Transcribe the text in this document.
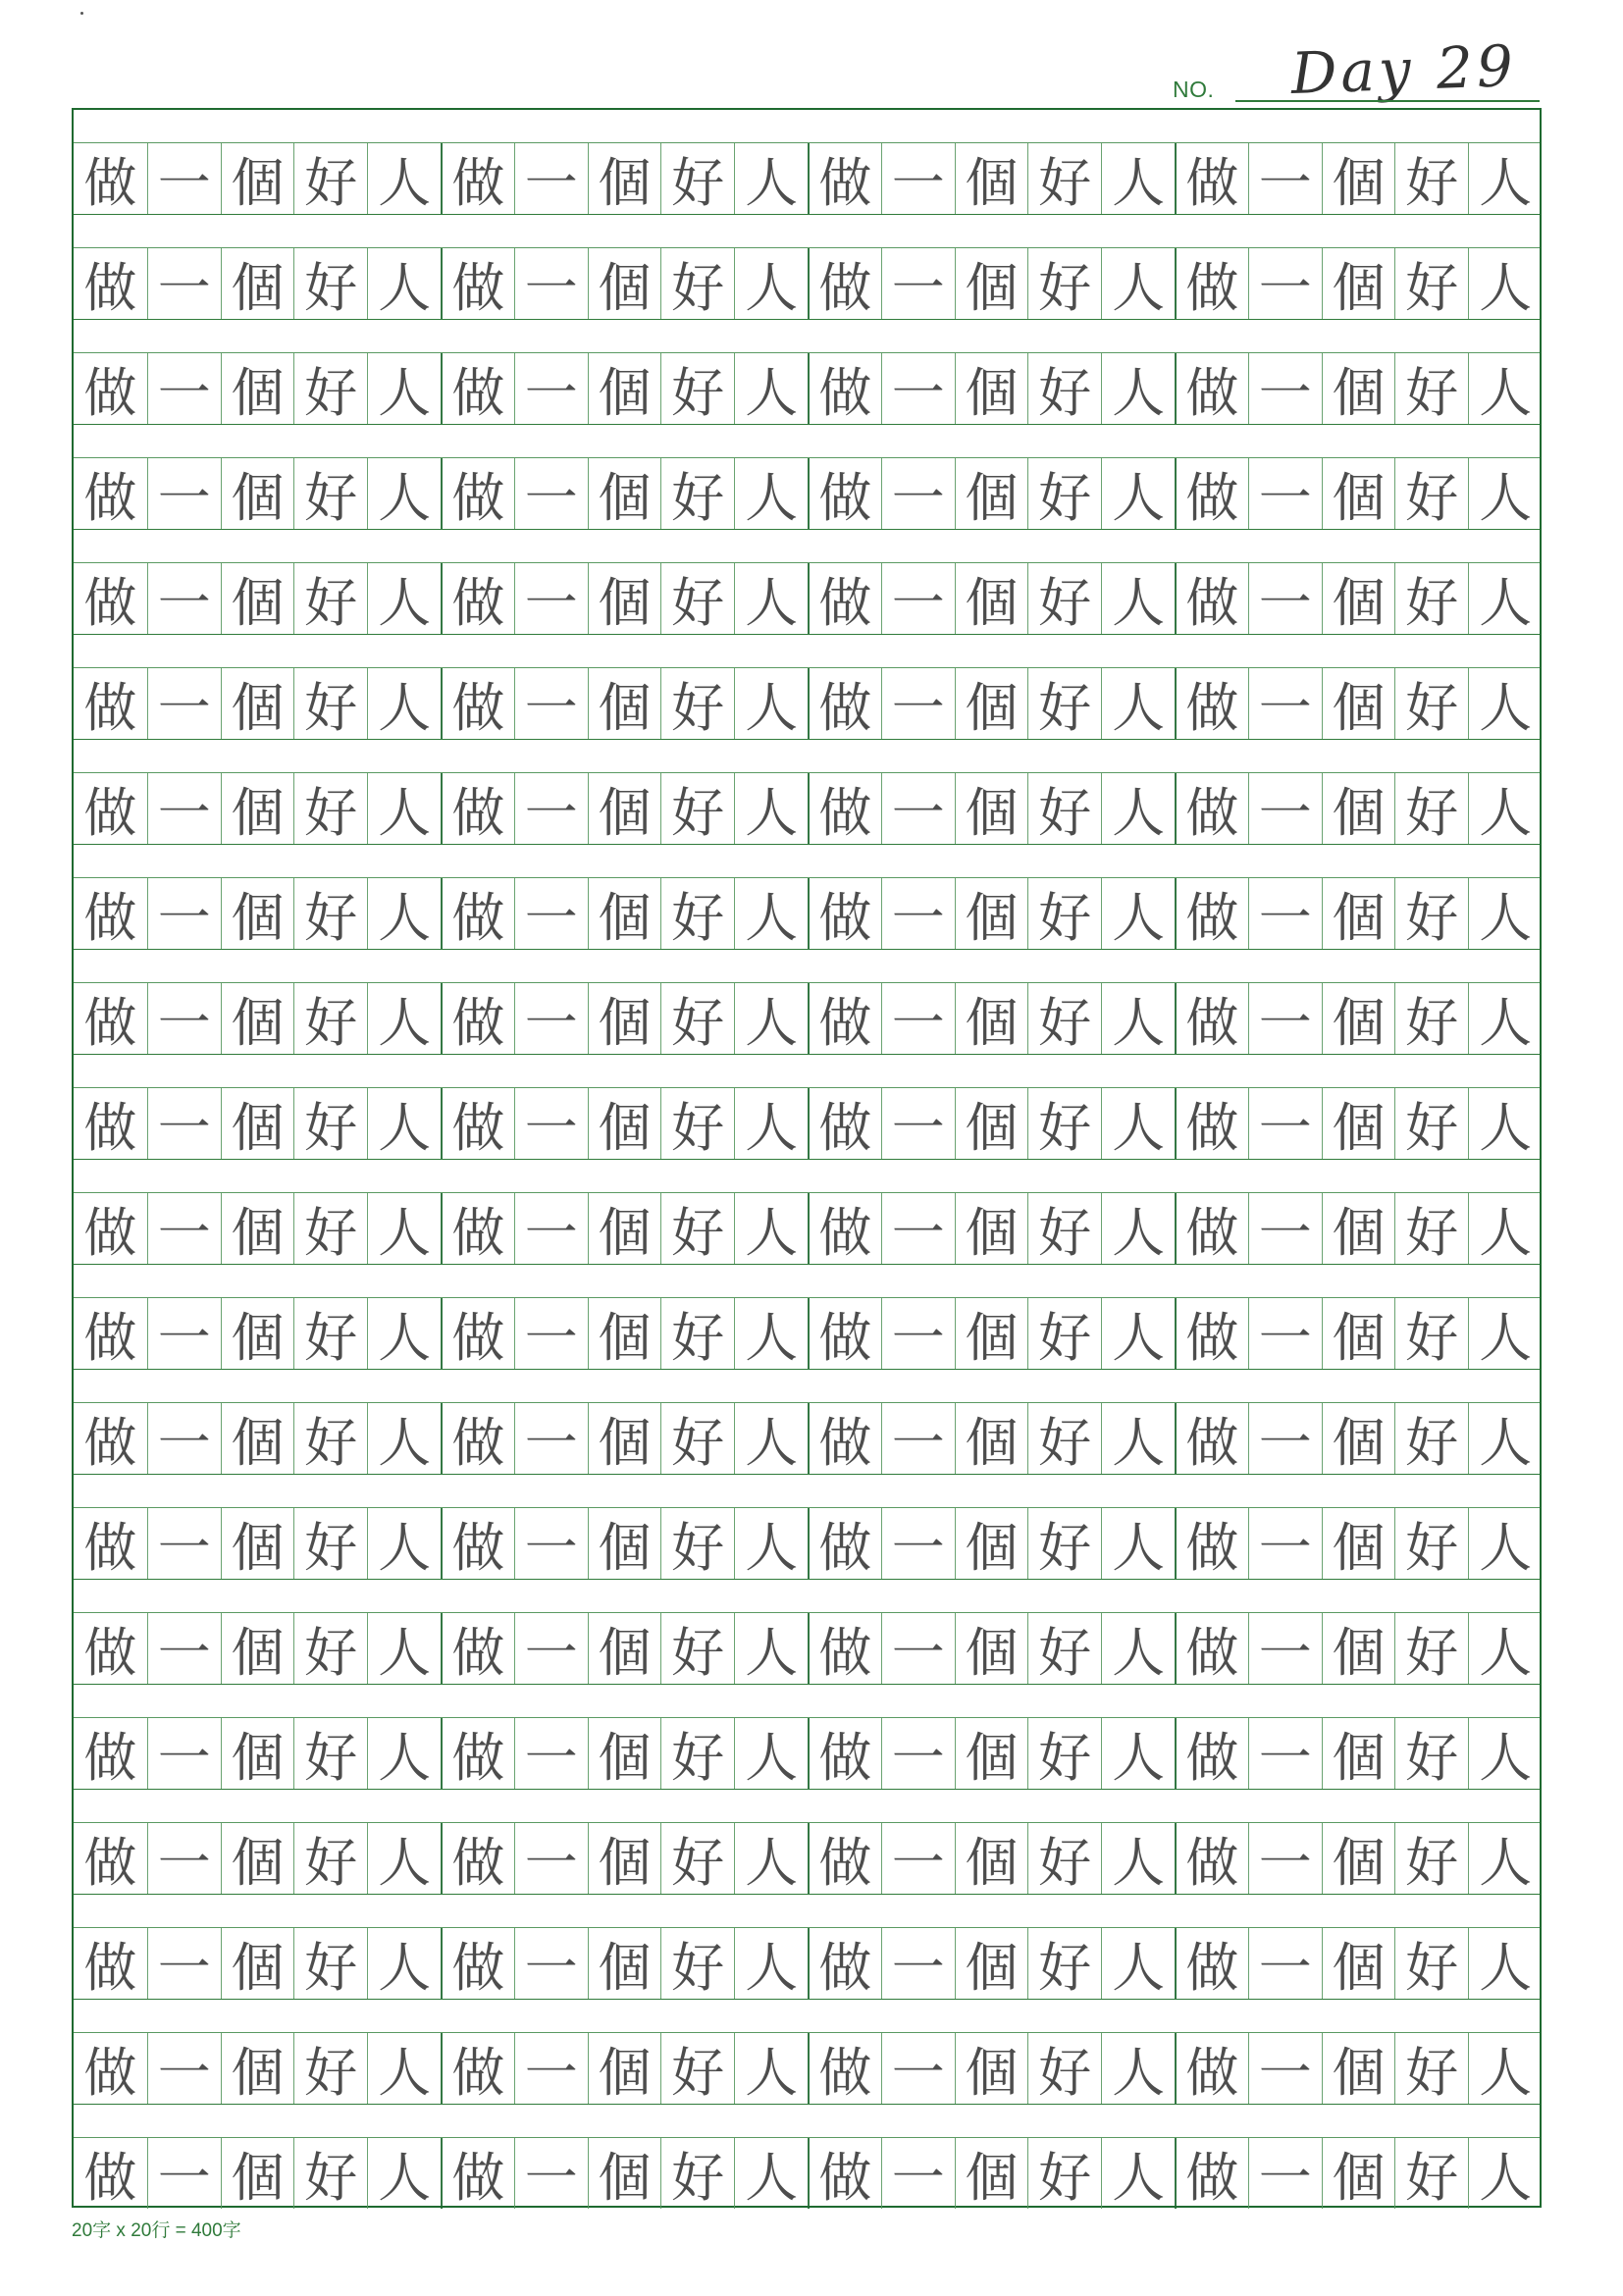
Day 29
NO.
做 一 個 好 人 做 一 個 好 人 做 一 個 好 人 做 一 個 好 人
做 一 個 好 人 做 一 個 好 人 做 一 個 好 人 做 一 個 好 人
做 一 個 好 人 做 一 個 好 人 做 一 個 好 人 做 一 個 好 人
做 一 個 好 人 做 一 個 好 人 做 一 個 好 人 做 一 個 好 人
做 一 個 好 人 做 一 個 好 人 做 一 個 好 人 做 一 個 好 人
做 一 個 好 人 做 一 個 好 人 做 一 個 好 人 做 一 個 好 人
做 一 個 好 人 做 一 個 好 人 做 一 個 好 人 做 一 個 好 人
做 一 個 好 人 做 一 個 好 人 做 一 個 好 人 做 一 個 好 人
做 一 個 好 人 做 一 個 好 人 做 一 個 好 人 做 一 個 好 人
做 一 個 好 人 做 一 個 好 人 做 一 個 好 人 做 一 個 好 人
做 一 個 好 人 做 一 個 好 人 做 一 個 好 人 做 一 個 好 人
做 一 個 好 人 做 一 個 好 人 做 一 個 好 人 做 一 個 好 人
做 一 個 好 人 做 一 個 好 人 做 一 個 好 人 做 一 個 好 人
做 一 個 好 人 做 一 個 好 人 做 一 個 好 人 做 一 個 好 人
做 一 個 好 人 做 一 個 好 人 做 一 個 好 人 做 一 個 好 人
做 一 個 好 人 做 一 個 好 人 做 一 個 好 人 做 一 個 好 人
做 一 個 好 人 做 一 個 好 人 做 一 個 好 人 做 一 個 好 人
做 一 個 好 人 做 一 個 好 人 做 一 個 好 人 做 一 個 好 人
做 一 個 好 人 做 一 個 好 人 做 一 個 好 人 做 一 個 好 人
做 一 個 好 人 做 一 個 好 人 做 一 個 好 人 做 一 個 好 人
20字 x 20行 = 400字
